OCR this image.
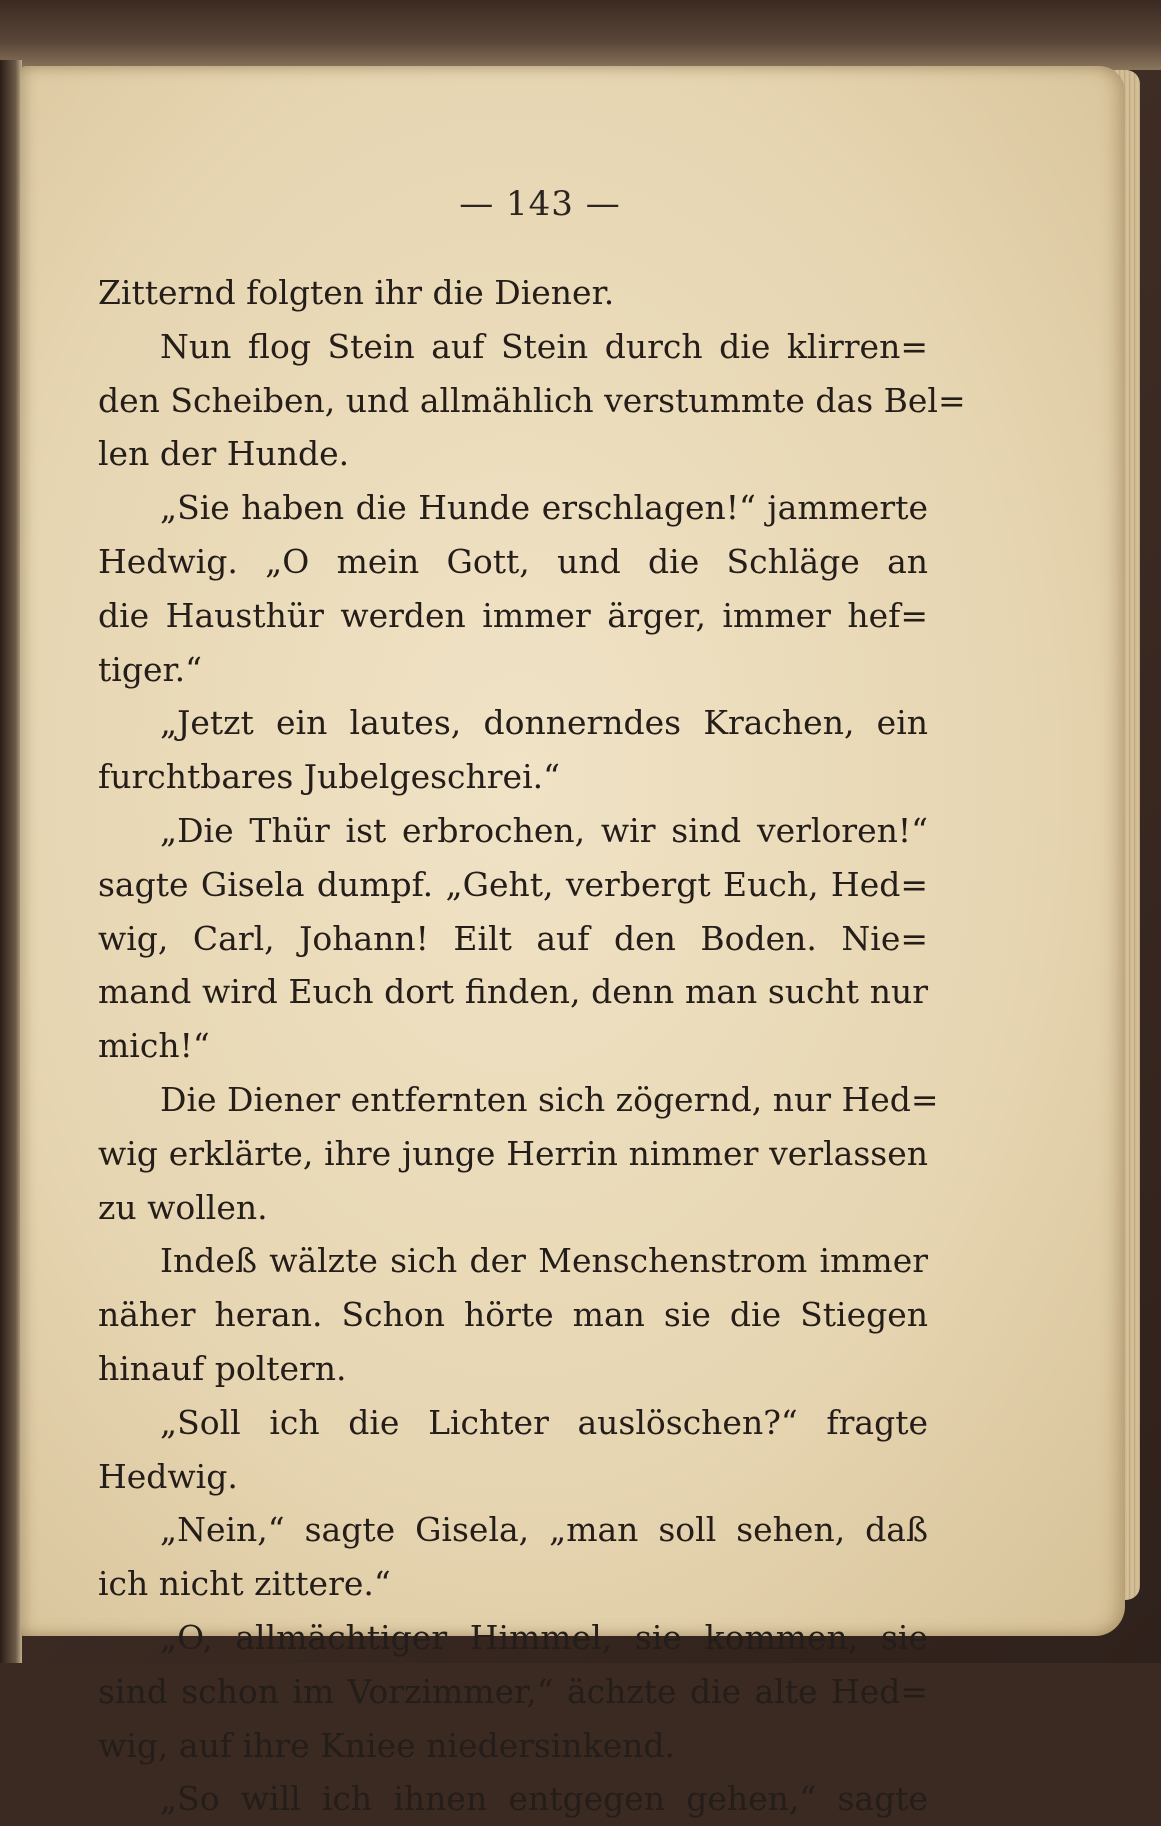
— 143 —
Zitternd folgten ihr die Diener.
Nun flog Stein auf Stein durch die klirren=
den Scheiben, und allmählich verstummte das Bel=
len der Hunde.
„Sie haben die Hunde erschlagen!“ jammerte
Hedwig. „O mein Gott, und die Schläge an
die Hausthür werden immer ärger, immer hef=
tiger.“
„Jetzt ein lautes, donnerndes Krachen, ein
furchtbares Jubelgeschrei.“
„Die Thür ist erbrochen, wir sind verloren!“
sagte Gisela dumpf. „Geht, verbergt Euch, Hed=
wig, Carl, Johann! Eilt auf den Boden. Nie=
mand wird Euch dort finden, denn man sucht nur
mich!“
Die Diener entfernten sich zögernd, nur Hed=
wig erklärte, ihre junge Herrin nimmer verlassen
zu wollen.
Indeß wälzte sich der Menschenstrom immer
näher heran. Schon hörte man sie die Stiegen
hinauf poltern.
„Soll ich die Lichter auslöschen?“ fragte
Hedwig.
„Nein,“ sagte Gisela, „man soll sehen, daß
ich nicht zittere.“
„O, allmächtiger Himmel, sie kommen, sie
sind schon im Vorzimmer,“ ächzte die alte Hed=
wig, auf ihre Kniee niedersinkend.
„So will ich ihnen entgegen gehen,“ sagte
